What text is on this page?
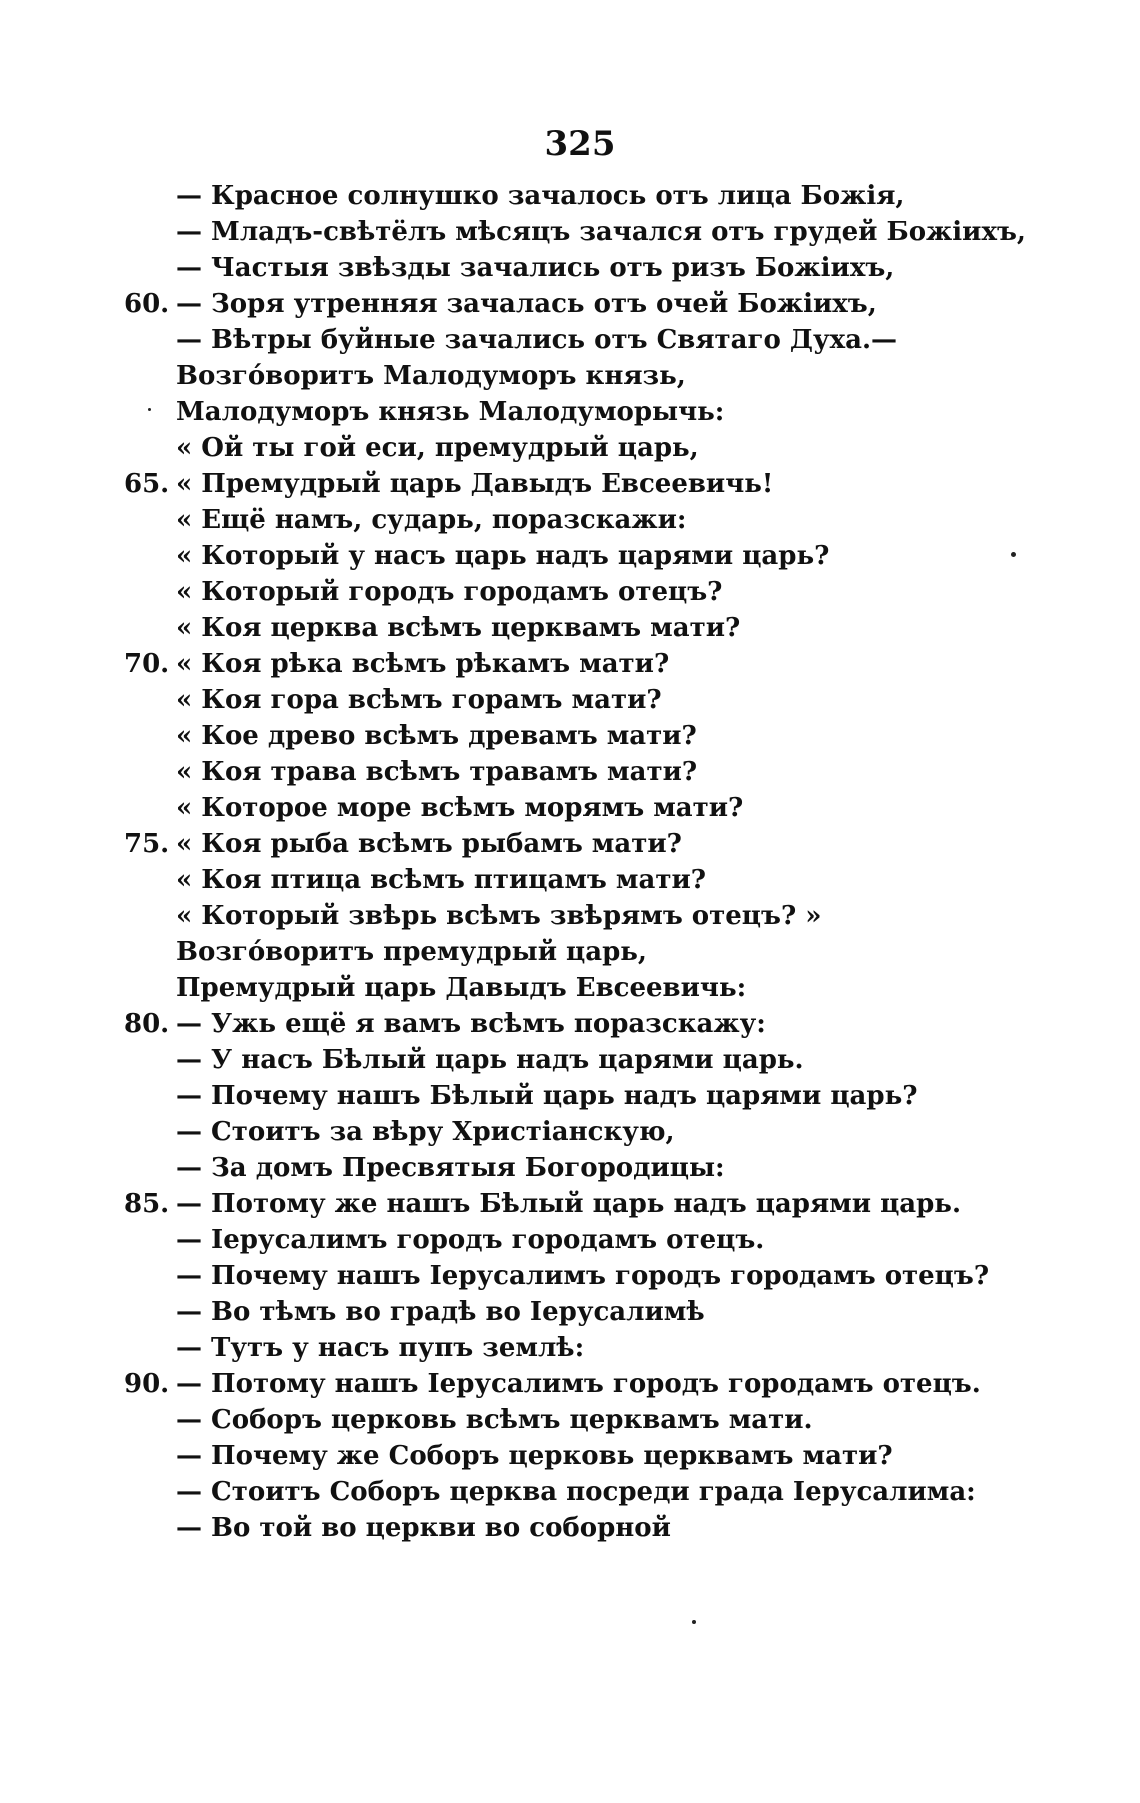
325
— Красное солнушко зачалось отъ лица Божія,
— Младъ-свѣтёлъ мѣсяцъ зачался отъ грудей Божіихъ,
— Частыя звѣзды зачались отъ ризъ Божіихъ,
60. — Зоря утренняя зачалась отъ очей Божіихъ,
— Вѣтры буйные зачались отъ Святаго Духа.—
Возго́воритъ Малодуморъ князь,
Малодуморъ князь Малодуморычь:
« Ой ты гой еси, премудрый царь,
65. « Премудрый царь Давыдъ Евсеевичь!
« Ещё намъ, сударь, поразскажи:
« Который у насъ царь надъ царями царь?
« Который городъ городамъ отецъ?
« Коя церква всѣмъ церквамъ мати?
70. « Коя рѣка всѣмъ рѣкамъ мати?
« Коя гора всѣмъ горамъ мати?
« Кое древо всѣмъ древамъ мати?
« Коя трава всѣмъ травамъ мати?
« Которое море всѣмъ морямъ мати?
75. « Коя рыба всѣмъ рыбамъ мати?
« Коя птица всѣмъ птицамъ мати?
« Который звѣрь всѣмъ звѣрямъ отецъ? »
Возго́воритъ премудрый царь,
Премудрый царь Давыдъ Евсеевичь:
80. — Ужь ещё я вамъ всѣмъ поразскажу:
— У насъ Бѣлый царь надъ царями царь.
— Почему нашъ Бѣлый царь надъ царями царь?
— Стоитъ за вѣру Христіанскую,
— За домъ Пресвятыя Богородицы:
85. — Потому же нашъ Бѣлый царь надъ царями царь.
— Іерусалимъ городъ городамъ отецъ.
— Почему нашъ Іерусалимъ городъ городамъ отецъ?
— Во тѣмъ во градѣ во Іерусалимѣ
— Тутъ у насъ пупъ землѣ:
90. — Потому нашъ Іерусалимъ городъ городамъ отецъ.
— Соборъ церковь всѣмъ церквамъ мати.
— Почему же Соборъ церковь церквамъ мати?
— Стоитъ Соборъ церква посреди града Іерусалима:
— Во той во церкви во соборной
